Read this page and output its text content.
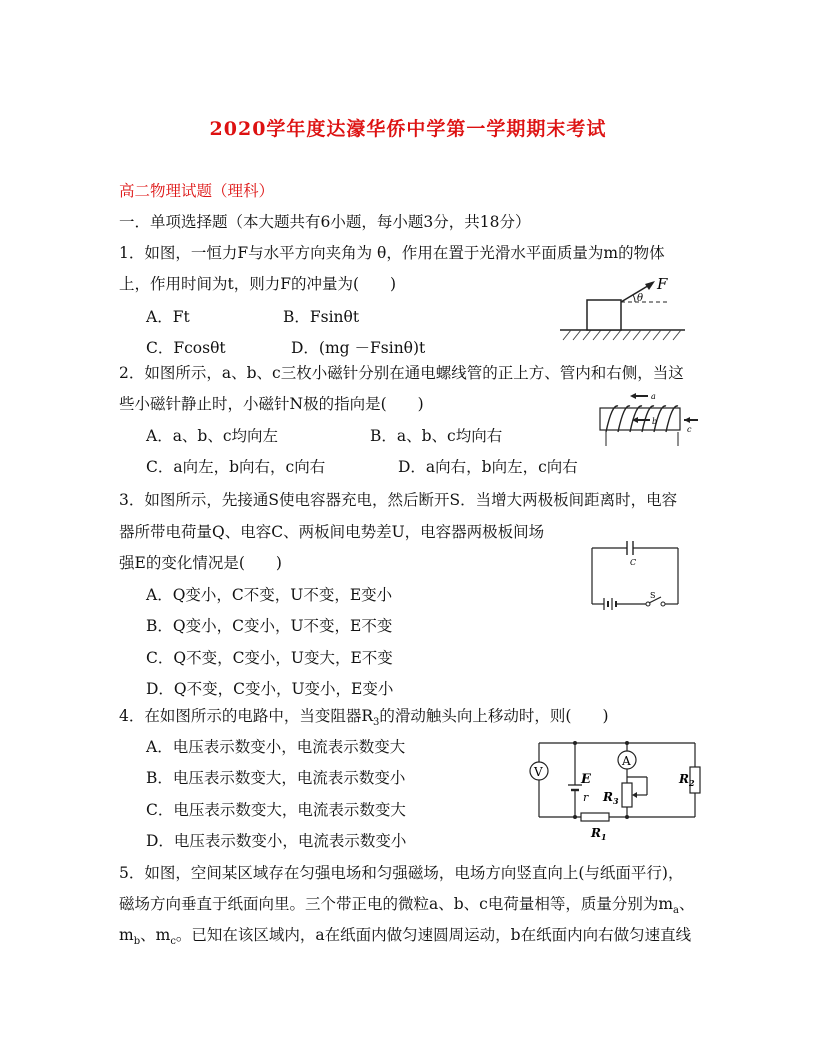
2020学年度达濠华侨中学第一学期期末考试
高二物理试题（理科）
一．单项选择题（本大题共有6小题，每小题3分，共18分）
1．如图，一恒力F与水平方向夹角为 θ，作用在置于光滑水平面质量为m的物体
上，作用时间为t，则力F的冲量为(　　)
A．Ft	B．Fsinθt
C．Fcosθt	D．(mg －Fsinθ)t
θ
F
2．如图所示，a、b、c三枚小磁针分别在通电螺线管的正上方、管内和右侧，当这
些小磁针静止时，小磁针N极的指向是(　　)
A．a、b、c均向左	B．a、b、c均向右
C．a向左，b向右，c向右	D．a向右，b向左，c向右
a
b
c
3．如图所示，先接通S使电容器充电，然后断开S．当增大两极板间距离时，电容
器所带电荷量Q、电容C、两板间电势差U，电容器两极板间场
强E的变化情况是(　　)
A．Q变小，C不变，U不变，E变小
B．Q变小，C变小，U不变，E不变
C．Q不变，C变小，U变大，E不变
D．Q不变，C变小，U变小，E变小
C
S
4．在如图所示的电路中，当变阻器$R_3$的滑动触头向上移动时，则(　　)
A．电压表示数变小，电流表示数变大
B．电压表示数变大，电流表示数变小
C．电压表示数变大，电流表示数变大
D．电压表示数变小，电流表示数变小
V	E
r
$R_1$
A
$R_3$
$R_2$
5．如图，空间某区域存在匀强电场和匀强磁场，电场方向竖直向上(与纸面平行)，
磁场方向垂直于纸面向里。三个带正电的微粒a、b、c电荷量相等，质量分别为$m_a$、
$m_b$、$m_c$。已知在该区域内，a在纸面内做匀速圆周运动，b在纸面内向右做匀速直线
